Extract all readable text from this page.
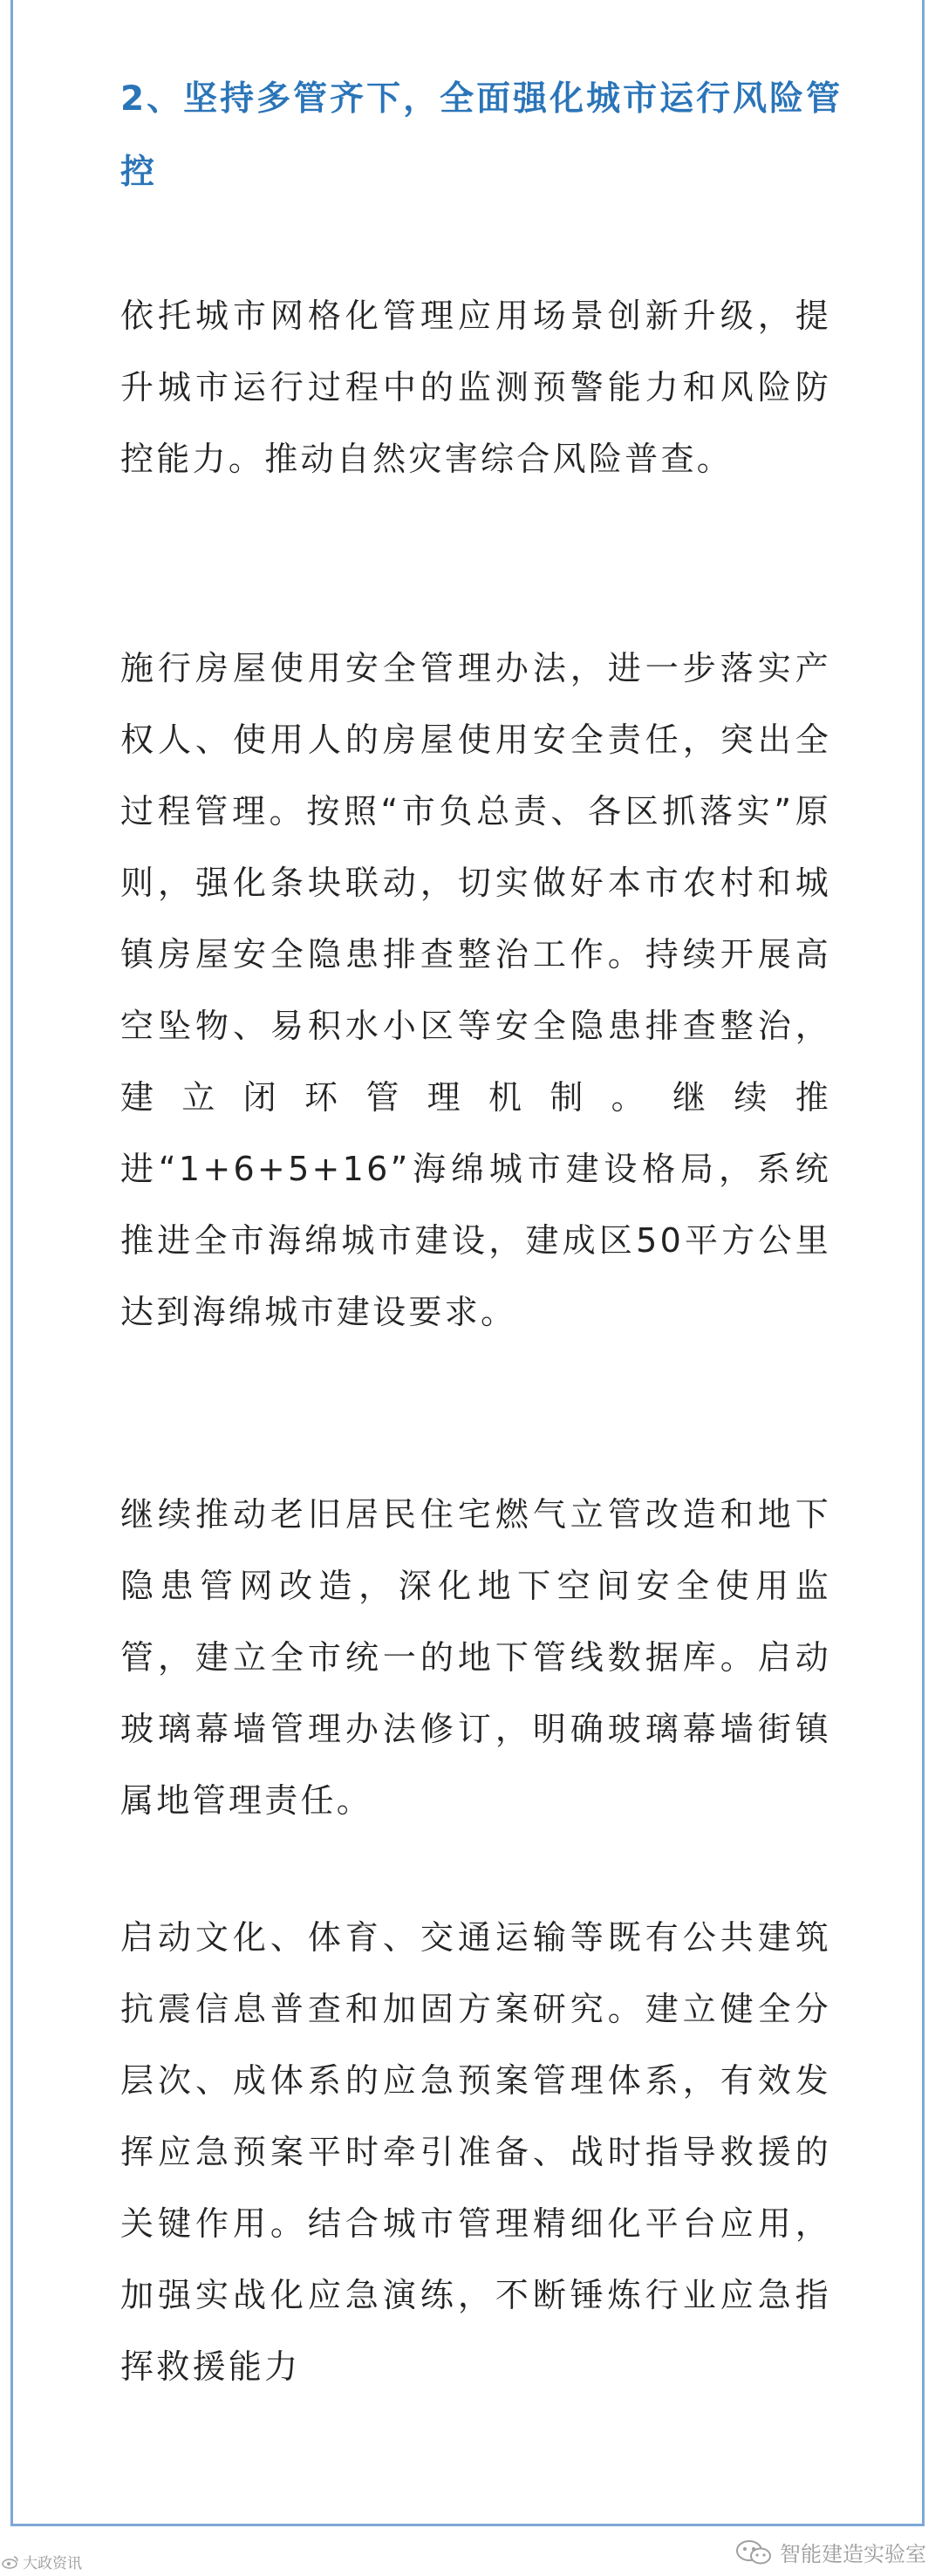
2、坚持多管齐下，全面强化城市运行风险管控

依托城市网格化管理应用场景创新升级，提升城市运行过程中的监测预警能力和风险防控能力。推动自然灾害综合风险普查。

施行房屋使用安全管理办法，进一步落实产权人、使用人的房屋使用安全责任，突出全过程管理。按照“市负总责、各区抓落实”原则，强化条块联动，切实做好本市农村和城镇房屋安全隐患排查整治工作。持续开展高空坠物、易积水小区等安全隐患排查整治，建立闭环管理机制。继续推进“1+6+5+16”海绵城市建设格局，系统推进全市海绵城市建设，建成区50平方公里达到海绵城市建设要求。

继续推动老旧居民住宅燃气立管改造和地下隐患管网改造，深化地下空间安全使用监管，建立全市统一的地下管线数据库。启动玻璃幕墙管理办法修订，明确玻璃幕墙街镇属地管理责任。

启动文化、体育、交通运输等既有公共建筑抗震信息普查和加固方案研究。建立健全分层次、成体系的应急预案管理体系，有效发挥应急预案平时牵引准备、战时指导救援的关键作用。结合城市管理精细化平台应用，加强实战化应急演练，不断锤炼行业应急指挥救援能力

大政资讯	智能建造实验室
